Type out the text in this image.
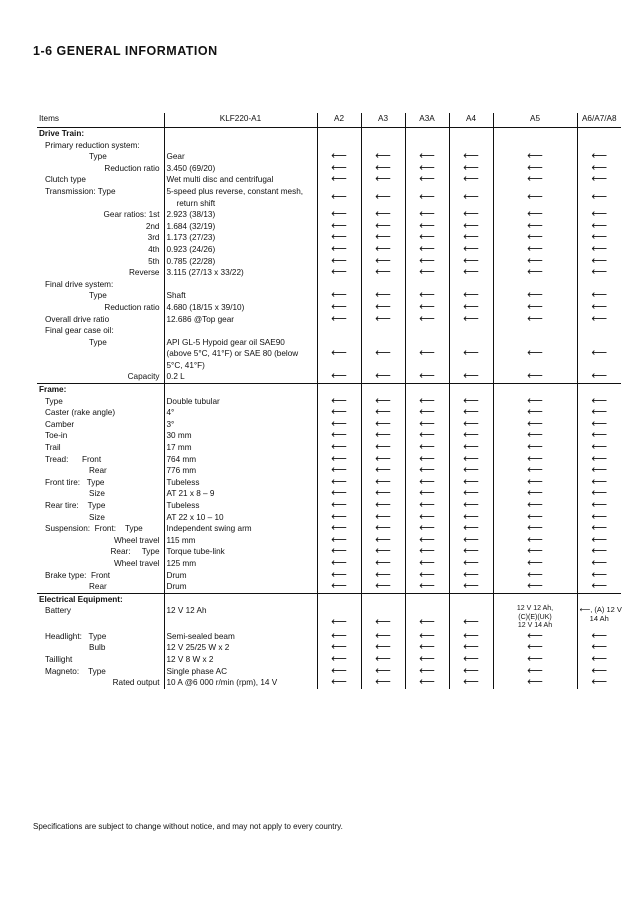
1-6 GENERAL INFORMATION
Items	KLF220-A1	A2	A3	A3A	A4	A5	A6/A7/A8
Drive Train:							
Primary reduction system:	

Type	Gear	⟵	⟵	⟵	⟵	⟵	⟵

Reduction ratio	3.450 (69/20)	⟵	⟵	⟵	⟵	⟵	⟵
Clutch type	Wet multi disc and centrifugal	⟵	⟵	⟵	⟵	⟵	⟵
Transmission: Type	5-speed plus reverse, constant mesh,
return shift	⟵	⟵	⟵	⟵	⟵	⟵

Gear ratios: 1st	2.923 (38/13)	⟵	⟵	⟵	⟵	⟵	⟵

2nd	1.684 (32/19)	⟵	⟵	⟵	⟵	⟵	⟵

3rd	1.173 (27/23)	⟵	⟵	⟵	⟵	⟵	⟵

4th	0.923 (24/26)	⟵	⟵	⟵	⟵	⟵	⟵

5th	0.785 (22/28)	⟵	⟵	⟵	⟵	⟵	⟵

Reverse	3.115 (27/13 x 33/22)	⟵	⟵	⟵	⟵	⟵	⟵
Final drive system:	

Type	Shaft	⟵	⟵	⟵	⟵	⟵	⟵

Reduction ratio	4.680 (18/15 x 39/10)	⟵	⟵	⟵	⟵	⟵	⟵
Overall drive ratio	12.686 @Top gear	⟵	⟵	⟵	⟵	⟵	⟵
Final gear case oil:	

Type	API GL-5 Hypoid gear oil SAE90
(above 5°C, 41°F) or SAE 80 (below
5°C, 41°F)	⟵	⟵	⟵	⟵	⟵	⟵

Capacity	0.2 L	⟵	⟵	⟵	⟵	⟵	⟵
Frame:							
Type	Double tubular	⟵	⟵	⟵	⟵	⟵	⟵
Caster (rake angle)	4°	⟵	⟵	⟵	⟵	⟵	⟵
Camber	3°	⟵	⟵	⟵	⟵	⟵	⟵
Toe-in	30 mm	⟵	⟵	⟵	⟵	⟵	⟵
Trail	17 mm	⟵	⟵	⟵	⟵	⟵	⟵
Tread:      Front	764 mm	⟵	⟵	⟵	⟵	⟵	⟵
Rear	776 mm	⟵	⟵	⟵	⟵	⟵	⟵
Front tire:   Type	Tubeless	⟵	⟵	⟵	⟵	⟵	⟵
Size	AT 21 x 8 – 9	⟵	⟵	⟵	⟵	⟵	⟵
Rear tire:    Type	Tubeless	⟵	⟵	⟵	⟵	⟵	⟵
Size	AT 22 x 10 – 10	⟵	⟵	⟵	⟵	⟵	⟵
Suspension:  Front:    Type	Independent swing arm	⟵	⟵	⟵	⟵	⟵	⟵

Wheel travel	115 mm	⟵	⟵	⟵	⟵	⟵	⟵

Rear:     Type	Torque tube-link	⟵	⟵	⟵	⟵	⟵	⟵

Wheel travel	125 mm	⟵	⟵	⟵	⟵	⟵	⟵
Brake type:  Front	Drum	⟵	⟵	⟵	⟵	⟵	⟵
Rear	Drum	⟵	⟵	⟵	⟵	⟵	⟵
Electrical Equipment:							
Battery	12 V 12 Ah	⟵	⟵	⟵	⟵	12 V 12 Ah,
(C)(E)(UK)
12 V 14 Ah	⟵, (A) 12 V
14 Ah

Headlight:   Type	Semi-sealed beam	⟵	⟵	⟵	⟵	⟵	⟵
Bulb	12 V 25/25 W x 2	⟵	⟵	⟵	⟵	⟵	⟵
Taillight	12 V 8 W x 2	⟵	⟵	⟵	⟵	⟵	⟵
Magneto:    Type	Single phase AC	⟵	⟵	⟵	⟵	⟵	⟵

Rated output	10 A @6 000 r/min (rpm), 14 V	⟵	⟵	⟵	⟵	⟵	⟵
Specifications are subject to change without notice, and may not apply to every country.
